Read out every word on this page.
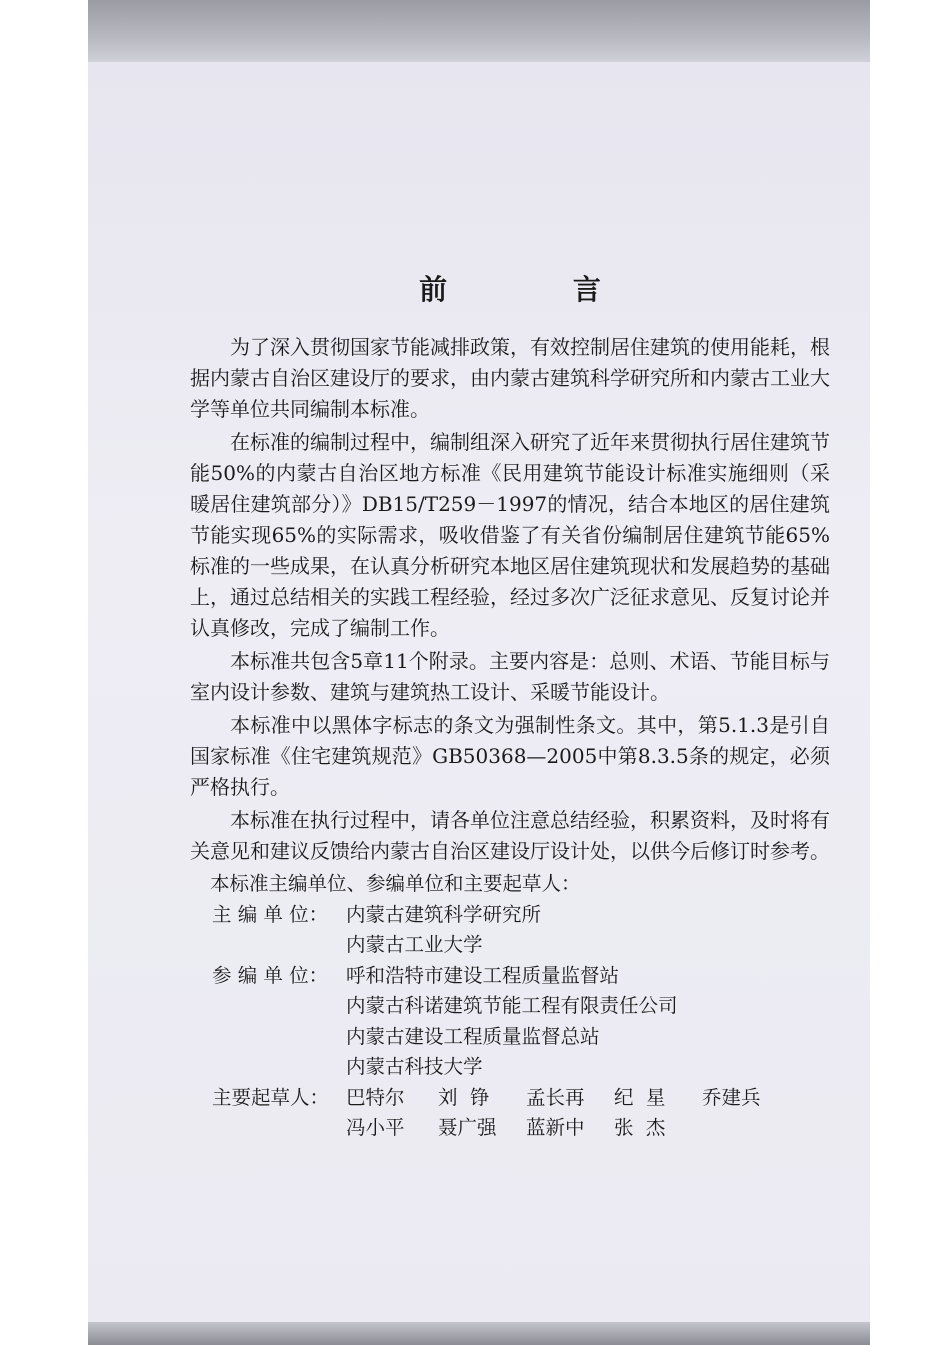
前 言

为了深入贯彻国家节能减排政策，有效控制居住建筑的使用能耗，根据内蒙古自治区建设厅的要求，由内蒙古建筑科学研究所和内蒙古工业大学等单位共同编制本标准。

在标准的编制过程中，编制组深入研究了近年来贯彻执行居住建筑节能50%的内蒙古自治区地方标准《民用建筑节能设计标准实施细则（采暖居住建筑部分）》DB15/T259－1997的情况，结合本地区的居住建筑节能实现65%的实际需求，吸收借鉴了有关省份编制居住建筑节能65%标准的一些成果，在认真分析研究本地区居住建筑现状和发展趋势的基础上，通过总结相关的实践工程经验，经过多次广泛征求意见、反复讨论并认真修改，完成了编制工作。

本标准共包含5章11个附录。主要内容是：总则、术语、节能目标与室内设计参数、建筑与建筑热工设计、采暖节能设计。

本标准中以黑体字标志的条文为强制性条文。其中，第5.1.3是引自国家标准《住宅建筑规范》GB50368—2005中第8.3.5条的规定，必须严格执行。

本标准在执行过程中，请各单位注意总结经验，积累资料，及时将有关意见和建议反馈给内蒙古自治区建设厅设计处，以供今后修订时参考。

本标准主编单位、参编单位和主要起草人：

主 编 单 位： 内蒙古建筑科学研究所
内蒙古工业大学
参 编 单 位： 呼和浩特市建设工程质量监督站
内蒙古科诺建筑节能工程有限责任公司
内蒙古建设工程质量监督总站
内蒙古科技大学
主要起草人： 巴特尔	刘  铮	孟长再	纪  星	乔建兵
冯小平	聂广强	蓝新中	张  杰
